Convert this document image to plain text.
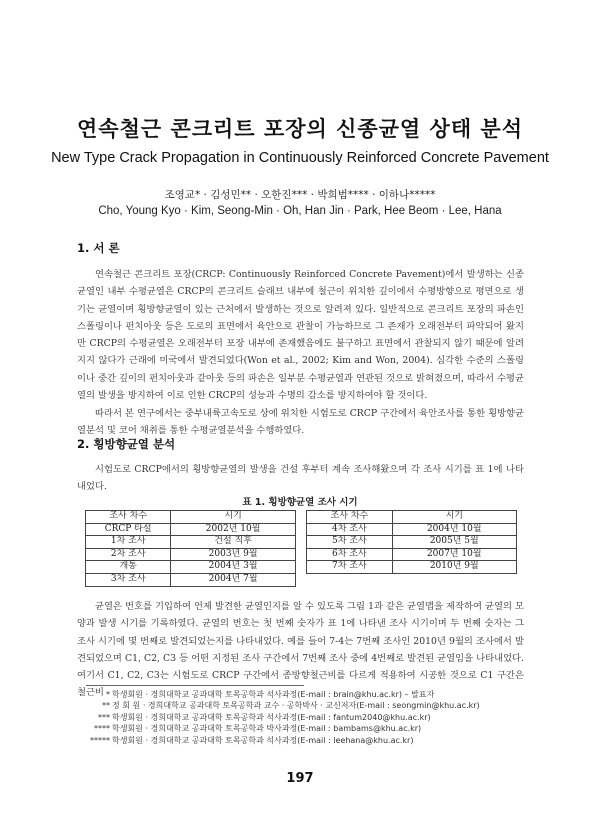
연속철근 콘크리트 포장의 신종균열 상태 분석
New Type Crack Propagation in Continuously Reinforced Concrete Pavement
조영교* · 김성민** · 오한진*** · 박희범**** · 이하나*****
Cho, Young Kyo · Kim, Seong-Min · Oh, Han Jin · Park, Hee Beom · Lee, Hana
1. 서 론
연속철근 콘크리트 포장(CRCP: Continuously Reinforced Concrete Pavement)에서 발생하는 신종 균열인 내부 수평균열은 CRCP의 콘크리트 슬래브 내부에 철근이 위치한 깊이에서 수평방향으로 평면으로 생기는 균열이며 횡방향균열이 있는 근처에서 발생하는 것으로 알려져 있다. 일반적으로 콘크리트 포장의 파손인 스폴링이나 펀치아웃 등은 도로의 표면에서 육안으로 관찰이 가능하므로 그 존재가 오래전부터 파악되어 왔지만 CRCP의 수평균열은 오래전부터 포장 내부에 존재했음에도 불구하고 표면에서 관찰되지 않기 때문에 알려지지 않다가 근래에 미국에서 발견되었다(Won et al., 2002; Kim and Won, 2004). 심각한 수준의 스폴링이나 중간 깊이의 펀치아웃과 같아웃 등의 파손은 일부분 수평균열과 연관된 것으로 밝혀졌으며, 따라서 수평균열의 발생을 방지하여 이로 인한 CRCP의 성능과 수명의 감소를 방지하여야 할 것이다.
따라서 본 연구에서는 중부내륙고속도로 상에 위치한 시험도로 CRCP 구간에서 육안조사를 통한 횡방향균열분석 및 코어 채취를 통한 수평균열분석을 수행하였다.
2. 횡방향균열 분석
시험도로 CRCP에서의 횡방향균열의 발생을 건설 후부터 계속 조사해왔으며 각 조사 시기를 표 1에 나타내었다.
표 1. 횡방향균열 조사 시기
조사 차수	시기		조사 차수	시기
CRCP 타설	2002년 10월		4차 조사	2004년 10월
1차 조사	건설 직후		5차 조사	2005년 5월
2차 조사	2003년 9월		6차 조사	2007년 10월
개통	2004년 3월		7차 조사	2010년 9월
3차 조사	2004년 7월			
균열은 번호를 기입하여 언제 발견한 균열인지를 알 수 있도록 그림 1과 같은 균열맵을 제작하여 균열의 모양과 발생 시기를 기록하였다. 균열의 번호는 첫 번째 숫자가 표 1에 나타낸 조사 시기이며 두 번째 숫자는 그 조사 시기에 몇 번째로 발견되었는지를 나타내었다. 예를 들어 7-4는 7번째 조사인 2010년 9월의 조사에서 발견되었으며 C1, C2, C3 등 어떤 지정된 조사 구간에서 7번째 조사 중에 4번째로 발견된 균열임을 나타내었다. 여기서 C1, C2, C3는 시험도로 CRCP 구간에서 종방향철근비를 다르게 적용하여 시공한 것으로 C1 구간은 철근비 * 학생회원 · 경희대학교 공과대학 토목공학과 석사과정(E-mail : brain@khu.ac.kr) – 발표자
** 정 회 원 · 경희대학교 공과대학 토목공학과 교수 · 공학박사 · 교신저자(E-mail : seongmin@khu.ac.kr)
*** 학생회원 · 경희대학교 공과대학 토목공학과 석사과정(E-mail : fantum2040@khu.ac.kr)
**** 학생회원 · 경희대학교 공과대학 토목공학과 박사과정(E-mail : bambams@khu.ac.kr)
***** 학생회원 · 경희대학교 공과대학 토목공학과 석사과정(E-mail : leehana@khu.ac.kr)
197
